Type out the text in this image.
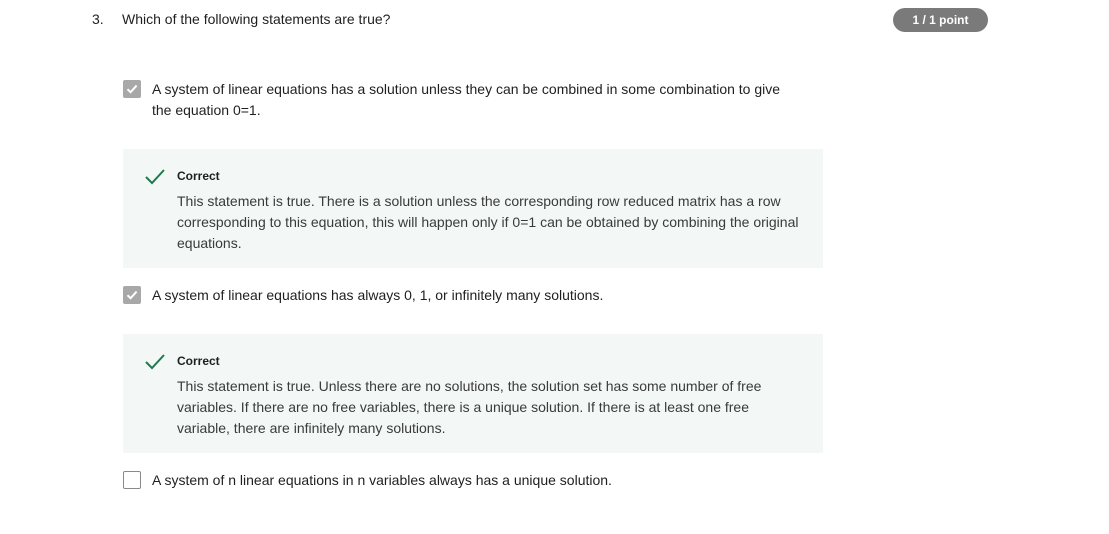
3. Which of the following statements are true?	1 / 1 point
A system of linear equations has a solution unless they can be combined in some combination to give the equation 0=1.
Correct
This statement is true. There is a solution unless the corresponding row reduced matrix has a row corresponding to this equation, this will happen only if 0=1 can be obtained by combining the original equations.
A system of linear equations has always 0, 1, or infinitely many solutions.
Correct
This statement is true. Unless there are no solutions, the solution set has some number of free variables. If there are no free variables, there is a unique solution. If there is at least one free variable, there are infinitely many solutions.
A system of n linear equations in n variables always has a unique solution.
